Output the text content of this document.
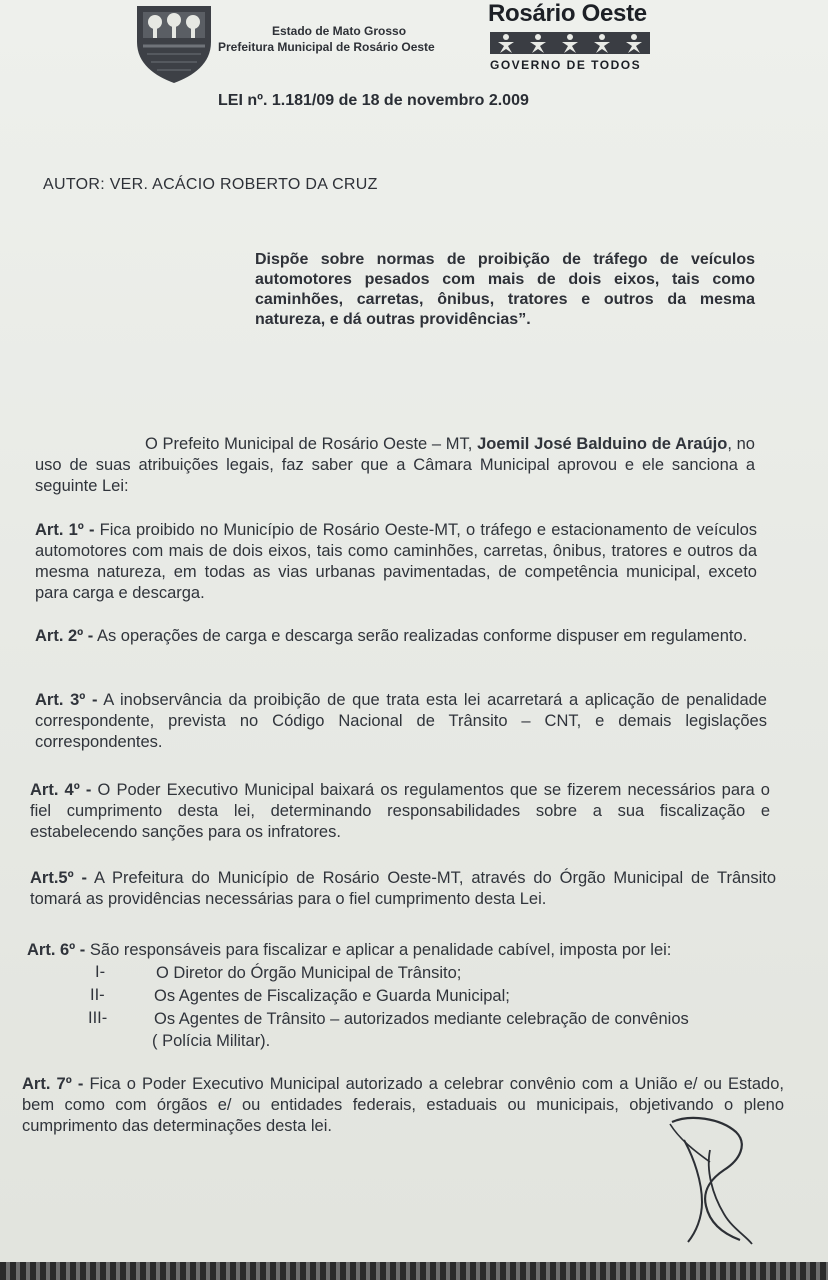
Estado de Mato Grosso
Prefeitura Municipal de Rosário Oeste
Rosário Oeste
GOVERNO DE TODOS
LEI nº. 1.181/09 de 18 de novembro 2.009
AUTOR: VER. ACÁCIO ROBERTO DA CRUZ
Dispõe sobre normas de proibição de tráfego de veículos automotores pesados com mais de dois eixos, tais como caminhões, carretas, ônibus, tratores e outros da mesma natureza, e dá outras providências”.
O Prefeito Municipal de Rosário Oeste – MT, Joemil José Balduino de Araújo, no uso de suas atribuições legais, faz saber que a Câmara Municipal aprovou e ele sanciona a seguinte Lei:
Art. 1º - Fica proibido no Município de Rosário Oeste-MT, o tráfego e estacionamento de veículos automotores com mais de dois eixos, tais como caminhões, carretas, ônibus, tratores e outros da mesma natureza, em todas as vias urbanas pavimentadas, de competência municipal, exceto para carga e descarga.
Art. 2º - As operações de carga e descarga serão realizadas conforme dispuser em regulamento.
Art. 3º - A inobservância da proibição de que trata esta lei acarretará a aplicação de penalidade correspondente, prevista no Código Nacional de Trânsito – CNT, e demais legislações correspondentes.
Art. 4º - O Poder Executivo Municipal baixará os regulamentos que se fizerem necessários para o fiel cumprimento desta lei, determinando responsabilidades sobre a sua fiscalização e estabelecendo sanções para os infratores.
Art.5º - A Prefeitura do Município de Rosário Oeste-MT, através do Órgão Municipal de Trânsito tomará as providências necessárias para o fiel cumprimento desta Lei.
Art. 6º - São responsáveis para fiscalizar e aplicar a penalidade cabível, imposta por lei:
I-	O Diretor do Órgão Municipal de Trânsito;
II-	Os Agentes de Fiscalização e Guarda Municipal;
III-	Os Agentes de Trânsito – autorizados mediante celebração de convênios
( Polícia Militar).
Art. 7º - Fica o Poder Executivo Municipal autorizado a celebrar convênio com a União e/ ou Estado, bem como com órgãos e/ ou entidades federais, estaduais ou municipais, objetivando o pleno cumprimento das determinações desta lei.
